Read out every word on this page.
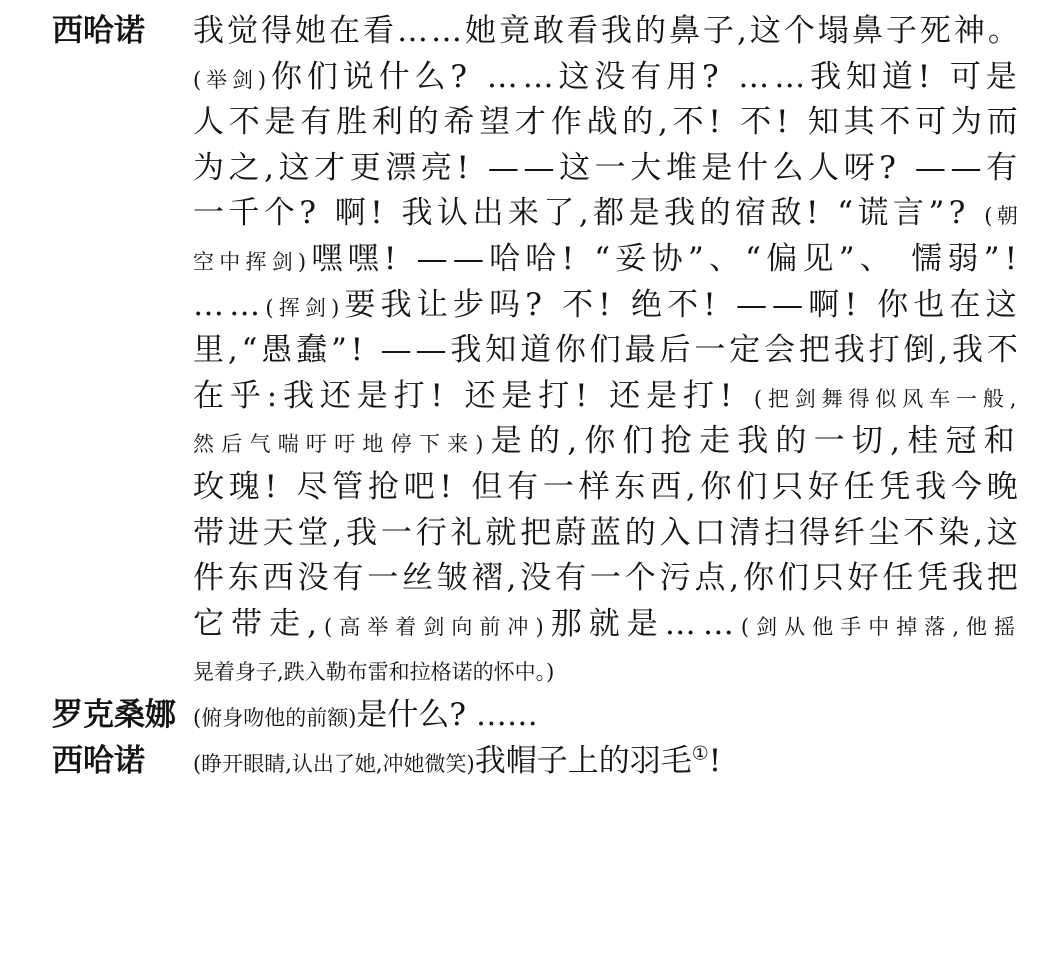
西哈诺 我觉得她在看……她竟敢看我的鼻子,这个塌鼻子死神。
(举剑)你们说什么? ……这没有用? ……我知道! 可是
人不是有胜利的希望才作战的,不! 不! 知其不可为而
为之,这才更漂亮! ——这一大堆是什么人呀? ——有
一千个? 啊! 我认出来了,都是我的宿敌! “谎言”? (朝
空中挥剑)嘿嘿! ——哈哈! “妥协”、“偏见”、 懦弱”!
……(挥剑)要我让步吗? 不! 绝不! ——啊! 你也在这
里,“愚蠢”! ——我知道你们最后一定会把我打倒,我不
在乎:我还是打! 还是打! 还是打! (把剑舞得似风车一般,
然后气喘吁吁地停下来)是的,你们抢走我的一切,桂冠和
玫瑰! 尽管抢吧! 但有一样东西,你们只好任凭我今晚
带进天堂,我一行礼就把蔚蓝的入口清扫得纤尘不染,这
件东西没有一丝皱褶,没有一个污点,你们只好任凭我把
它带走,(高举着剑向前冲)那就是……(剑从他手中掉落,他摇
晃着身子,跌入勒布雷和拉格诺的怀中。)
罗克桑娜 (俯身吻他的前额)是什么? ……
西哈诺 (睁开眼睛,认出了她,冲她微笑)我帽子上的羽毛①!
